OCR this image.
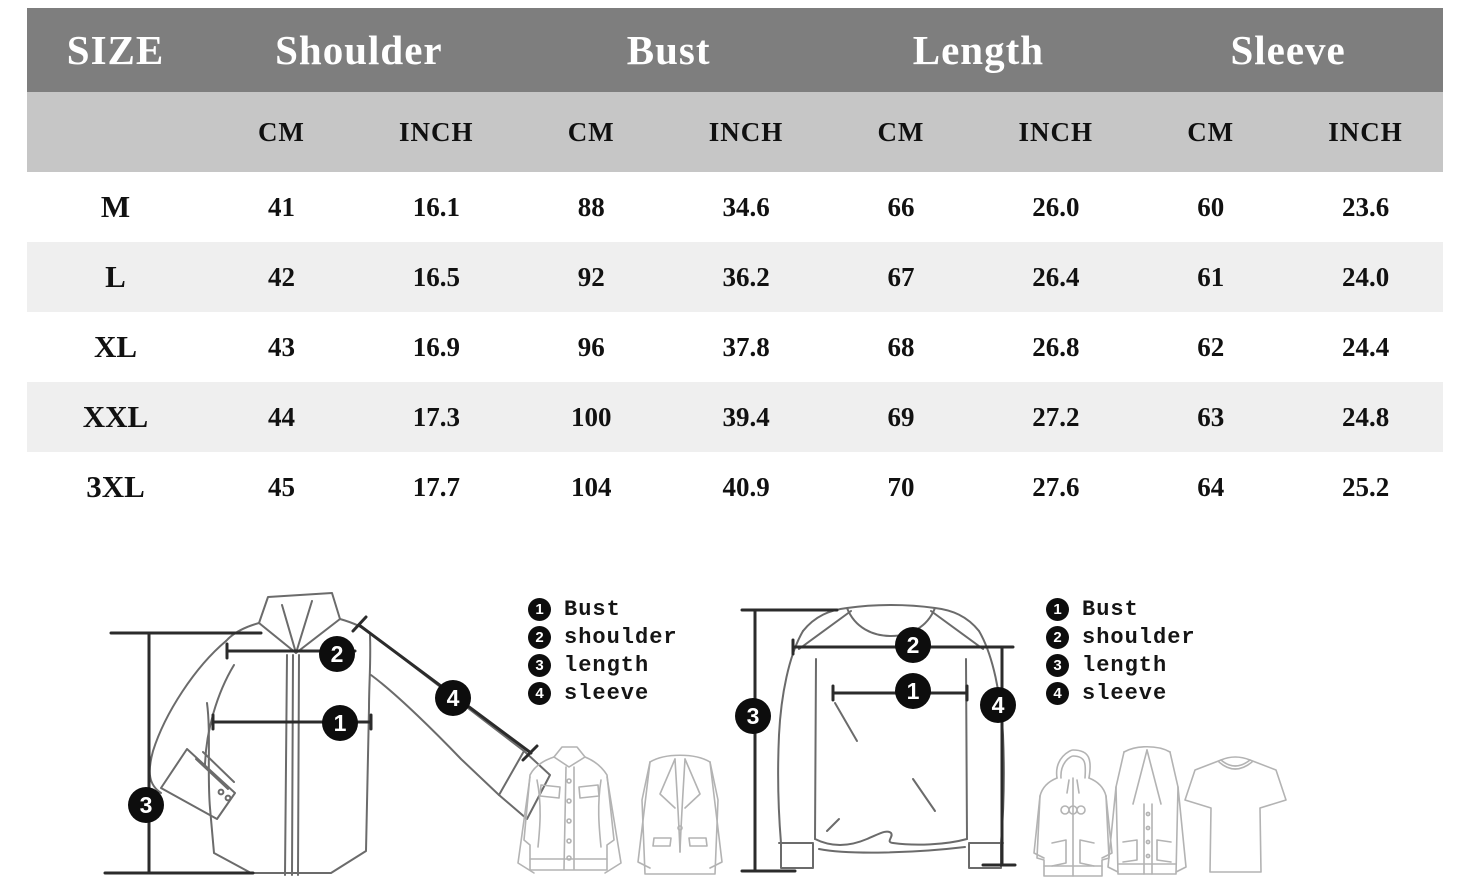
SIZE	Shoulder		Bust		Length		Sleeve	
	CM	INCH	CM	INCH	CM	INCH	CM	INCH
M	41	16.1	88	34.6	66	26.0	60	23.6
L	42	16.5	92	36.2	67	26.4	61	24.0
XL	43	16.9	96	37.8	68	26.8	62	24.4
XXL	44	17.3	100	39.4	69	27.2	63	24.8
3XL	45	17.7	104	40.9	70	27.6	64	25.2
2
1
4
3
1 Bust
2 shoulder
3 length
4 sleeve
2
1
4
3
1 Bust
2 shoulder
3 length
4 sleeve
